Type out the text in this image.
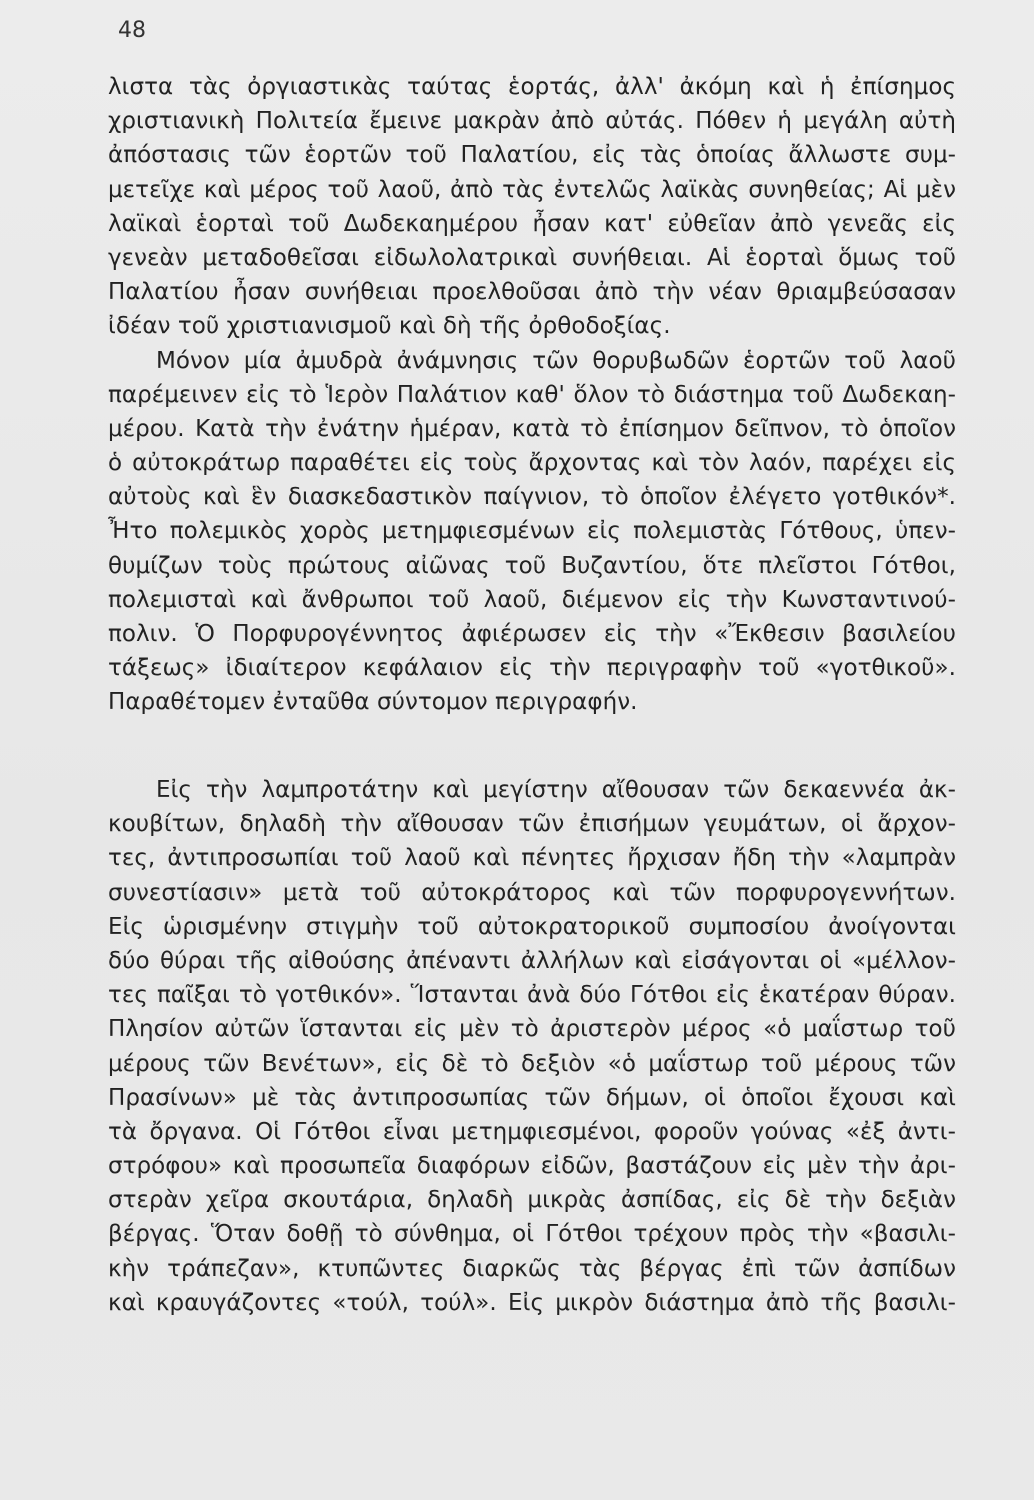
48
λιστα τὰς ὀργιαστικὰς ταύτας ἑορτάς, ἀλλ' ἀκόμη καὶ ἡ ἐπίσημος
χριστιανικὴ Πολιτεία ἔμεινε μακρὰν ἀπὸ αὐτάς. Πόθεν ἡ μεγάλη αὐτὴ
ἀπόστασις τῶν ἑορτῶν τοῦ Παλατίου, εἰς τὰς ὁποίας ἄλλωστε συμ-
μετεῖχε καὶ μέρος τοῦ λαοῦ, ἀπὸ τὰς ἐντελῶς λαϊκὰς συνηθείας; Αἱ μὲν
λαϊκαὶ ἑορταὶ τοῦ Δωδεκαημέρου ἦσαν κατ' εὐθεῖαν ἀπὸ γενεᾶς εἰς
γενεὰν μεταδοθεῖσαι εἰδωλολατρικαὶ συνήθειαι. Αἱ ἑορταὶ ὅμως τοῦ
Παλατίου ἦσαν συνήθειαι προελθοῦσαι ἀπὸ τὴν νέαν θριαμβεύσασαν
ἰδέαν τοῦ χριστιανισμοῦ καὶ δὴ τῆς ὀρθοδοξίας.
Μόνον μία ἀμυδρὰ ἀνάμνησις τῶν θορυβωδῶν ἑορτῶν τοῦ λαοῦ
παρέμεινεν εἰς τὸ Ἱερὸν Παλάτιον καθ' ὅλον τὸ διάστημα τοῦ Δωδεκαη-
μέρου. Κατὰ τὴν ἐνάτην ἡμέραν, κατὰ τὸ ἐπίσημον δεῖπνον, τὸ ὁποῖον
ὁ αὐτοκράτωρ παραθέτει εἰς τοὺς ἄρχοντας καὶ τὸν λαόν, παρέχει εἰς
αὐτοὺς καὶ ἓν διασκεδαστικὸν παίγνιον, τὸ ὁποῖον ἐλέγετο γοτθικόν*.
Ἦτο πολεμικὸς χορὸς μετημφιεσμένων εἰς πολεμιστὰς Γότθους, ὑπεν-
θυμίζων τοὺς πρώτους αἰῶνας τοῦ Βυζαντίου, ὅτε πλεῖστοι Γότθοι,
πολεμισταὶ καὶ ἄνθρωποι τοῦ λαοῦ, διέμενον εἰς τὴν Κωνσταντινού-
πολιν. Ὁ Πορφυρογέννητος ἀφιέρωσεν εἰς τὴν «Ἔκθεσιν βασιλείου
τάξεως» ἰδιαίτερον κεφάλαιον εἰς τὴν περιγραφὴν τοῦ «γοτθικοῦ».
Παραθέτομεν ἐνταῦθα σύντομον περιγραφήν.
Εἰς τὴν λαμπροτάτην καὶ μεγίστην αἴθουσαν τῶν δεκαεννέα ἀκ-
κουβίτων, δηλαδὴ τὴν αἴθουσαν τῶν ἐπισήμων γευμάτων, οἱ ἄρχον-
τες, ἀντιπροσωπίαι τοῦ λαοῦ καὶ πένητες ἤρχισαν ἤδη τὴν «λαμπρὰν
συνεστίασιν» μετὰ τοῦ αὐτοκράτορος καὶ τῶν πορφυρογεννήτων.
Εἰς ὡρισμένην στιγμὴν τοῦ αὐτοκρατορικοῦ συμποσίου ἀνοίγονται
δύο θύραι τῆς αἰθούσης ἀπέναντι ἀλλήλων καὶ εἰσάγονται οἱ «μέλλον-
τες παῖξαι τὸ γοτθικόν». Ἵστανται ἀνὰ δύο Γότθοι εἰς ἑκατέραν θύραν.
Πλησίον αὐτῶν ἵστανται εἰς μὲν τὸ ἀριστερὸν μέρος «ὁ μαΐστωρ τοῦ
μέρους τῶν Βενέτων», εἰς δὲ τὸ δεξιὸν «ὁ μαΐστωρ τοῦ μέρους τῶν
Πρασίνων» μὲ τὰς ἀντιπροσωπίας τῶν δήμων, οἱ ὁποῖοι ἔχουσι καὶ
τὰ ὄργανα. Οἱ Γότθοι εἶναι μετημφιεσμένοι, φοροῦν γούνας «ἐξ ἀντι-
στρόφου» καὶ προσωπεῖα διαφόρων εἰδῶν, βαστάζουν εἰς μὲν τὴν ἀρι-
στερὰν χεῖρα σκουτάρια, δηλαδὴ μικρὰς ἀσπίδας, εἰς δὲ τὴν δεξιὰν
βέργας. Ὅταν δοθῇ τὸ σύνθημα, οἱ Γότθοι τρέχουν πρὸς τὴν «βασιλι-
κὴν τράπεζαν», κτυπῶντες διαρκῶς τὰς βέργας ἐπὶ τῶν ἀσπίδων
καὶ κραυγάζοντες «τούλ, τούλ». Εἰς μικρὸν διάστημα ἀπὸ τῆς βασιλι-
